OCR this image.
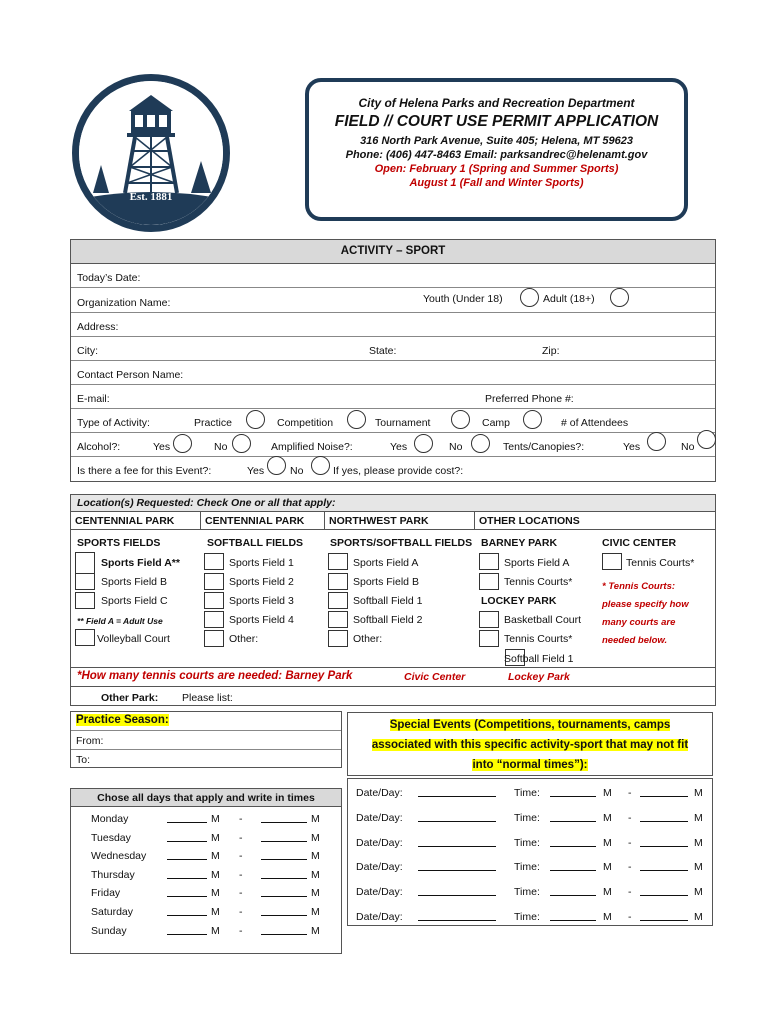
Est. 1881
City of Helena Parks and Recreation Department
FIELD // COURT USE PERMIT APPLICATION
316 North Park Avenue, Suite 405; Helena, MT 59623
Phone: (406) 447-8463 Email: parksandrec@helenamt.gov
Open: February 1 (Spring and Summer Sports)
August 1 (Fall and Winter Sports)
ACTIVITY – SPORT
Today’s Date:
Organization Name:	Youth (Under 18)	Adult (18+)
Address:
City:	State:	Zip:
Contact Person Name:
E-mail:	Preferred Phone #:
Type of Activity:	Practice	Competition	Tournament	Camp	# of Attendees
Alcohol?:	Yes	No	Amplified Noise?:	Yes	No	Tents/Canopies?:	Yes	No
Is there a fee for this Event?:	Yes No	If yes, please provide cost?:
Location(s) Requested: Check One or all that apply:
CENTENNIAL PARK	CENTENNIAL PARK	NORTHWEST PARK	OTHER LOCATIONS
SPORTS FIELDS
Sports Field A**
Sports Field B
Sports Field C
** Field A = Adult Use
Volleyball Court
SOFTBALL FIELDS
Sports Field 1
Sports Field 2
Sports Field 3
Sports Field 4
Other:
SPORTS/SOFTBALL FIELDS
Sports Field A
Sports Field B
Softball Field 1
Softball Field 2
Other:
BARNEY PARK
Sports Field A
Tennis Courts*
LOCKEY PARK
Basketball Court
Tennis Courts*
Softball Field 1
CIVIC CENTER
Tennis Courts*
* Tennis Courts:
please specify how
many courts are
needed below.
*How many tennis courts are needed: Barney Park	Civic Center	Lockey Park
Other Park: Please list:
Practice Season:
From:
To:
Special Events (Competitions, tournaments, camps
associated with this specific activity-sport that may not fit
into “normal times”):
Chose all days that apply and write in times
Monday	M -	M
Tuesday	M -	M
Wednesday	M -	M
Thursday	M -	M
Friday	M -	M
Saturday	M -	M
Sunday	M -	M
Date/Day:	Time:	M -	M
Date/Day:	Time:	M -	M
Date/Day:	Time:	M -	M
Date/Day:	Time:	M -	M
Date/Day:	Time:	M -	M
Date/Day:	Time:	M -	M
